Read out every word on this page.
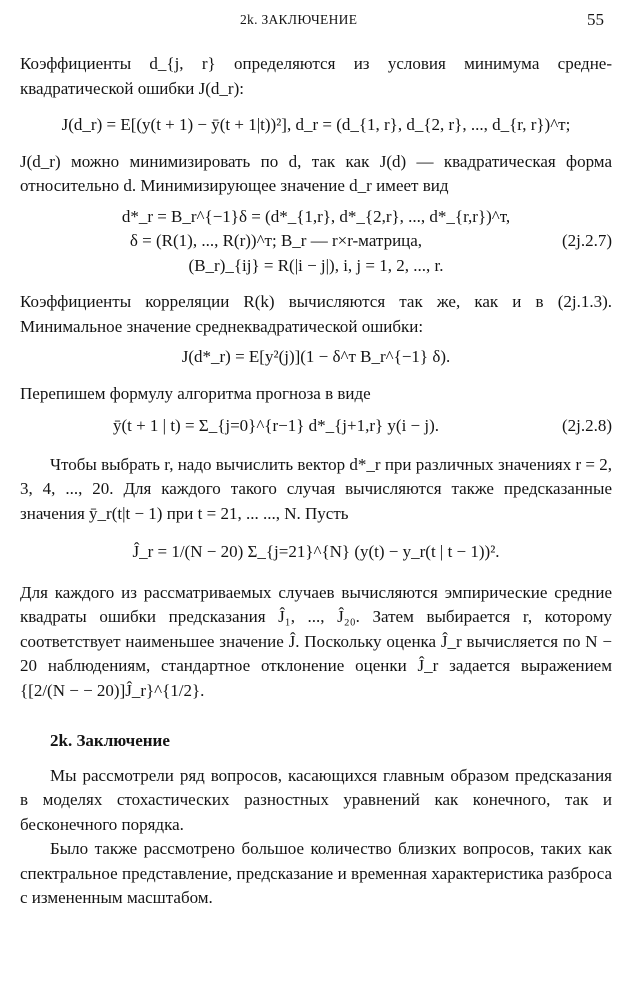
2k. ЗАКЛЮЧЕНИЕ	55

Коэффициенты d_{j, r} определяются из условия минимума средне-квадратической ошибки J(d_r):

J(d_r) = E[(y(t + 1) − ȳ(t + 1|t))²], d_r = (d_{1, r}, d_{2, r}, ..., d_{r, r})^т;

J(d_r) можно минимизировать по d, так как J(d) — квадратическая форма относительно d. Минимизирующее значение d_r имеет вид

d*_r = B_r^{−1}δ = (d*_{1,r}, d*_{2,r}, ..., d*_{r,r})^т,
δ = (R(1), ..., R(r))^т; B_r — r×r-матрица,	(2j.2.7)
(B_r)_{ij} = R(|i − j|), i, j = 1, 2, ..., r.

Коэффициенты корреляции R(k) вычисляются так же, как и в (2j.1.3). Минимальное значение среднеквадратической ошибки:

J(d*_r) = E[y²(j)](1 − δ^т B_r^{−1} δ).

Перепишем формулу алгоритма прогноза в виде

ȳ(t + 1 | t) = Σ_{j=0}^{r−1} d*_{j+1,r} y(i − j).	(2j.2.8)

Чтобы выбрать r, надо вычислить вектор d*_r при различных значениях r = 2, 3, 4, ..., 20. Для каждого такого случая вычисляются также предсказанные значения ȳ_r(t|t − 1) при t = 21, ... ..., N. Пусть

Ĵ_r = 1/(N − 20) Σ_{j=21}^{N} (y(t) − y_r(t | t − 1))².

Для каждого из рассматриваемых случаев вычисляются эмпирические средние квадраты ошибки предсказания Ĵ₁, ..., Ĵ₂₀. Затем выбирается r, которому соответствует наименьшее значение Ĵ. Поскольку оценка Ĵ_r вычисляется по N − 20 наблюдениям, стандартное отклонение оценки Ĵ_r задается выражением {[2/(N − − 20)]Ĵ_r}^{1/2}.

2k. Заключение

Мы рассмотрели ряд вопросов, касающихся главным образом предсказания в моделях стохастических разностных уравнений как конечного, так и бесконечного порядка.

Было также рассмотрено большое количество близких вопросов, таких как спектральное представление, предсказание и временная характеристика разброса с измененным масштабом.
